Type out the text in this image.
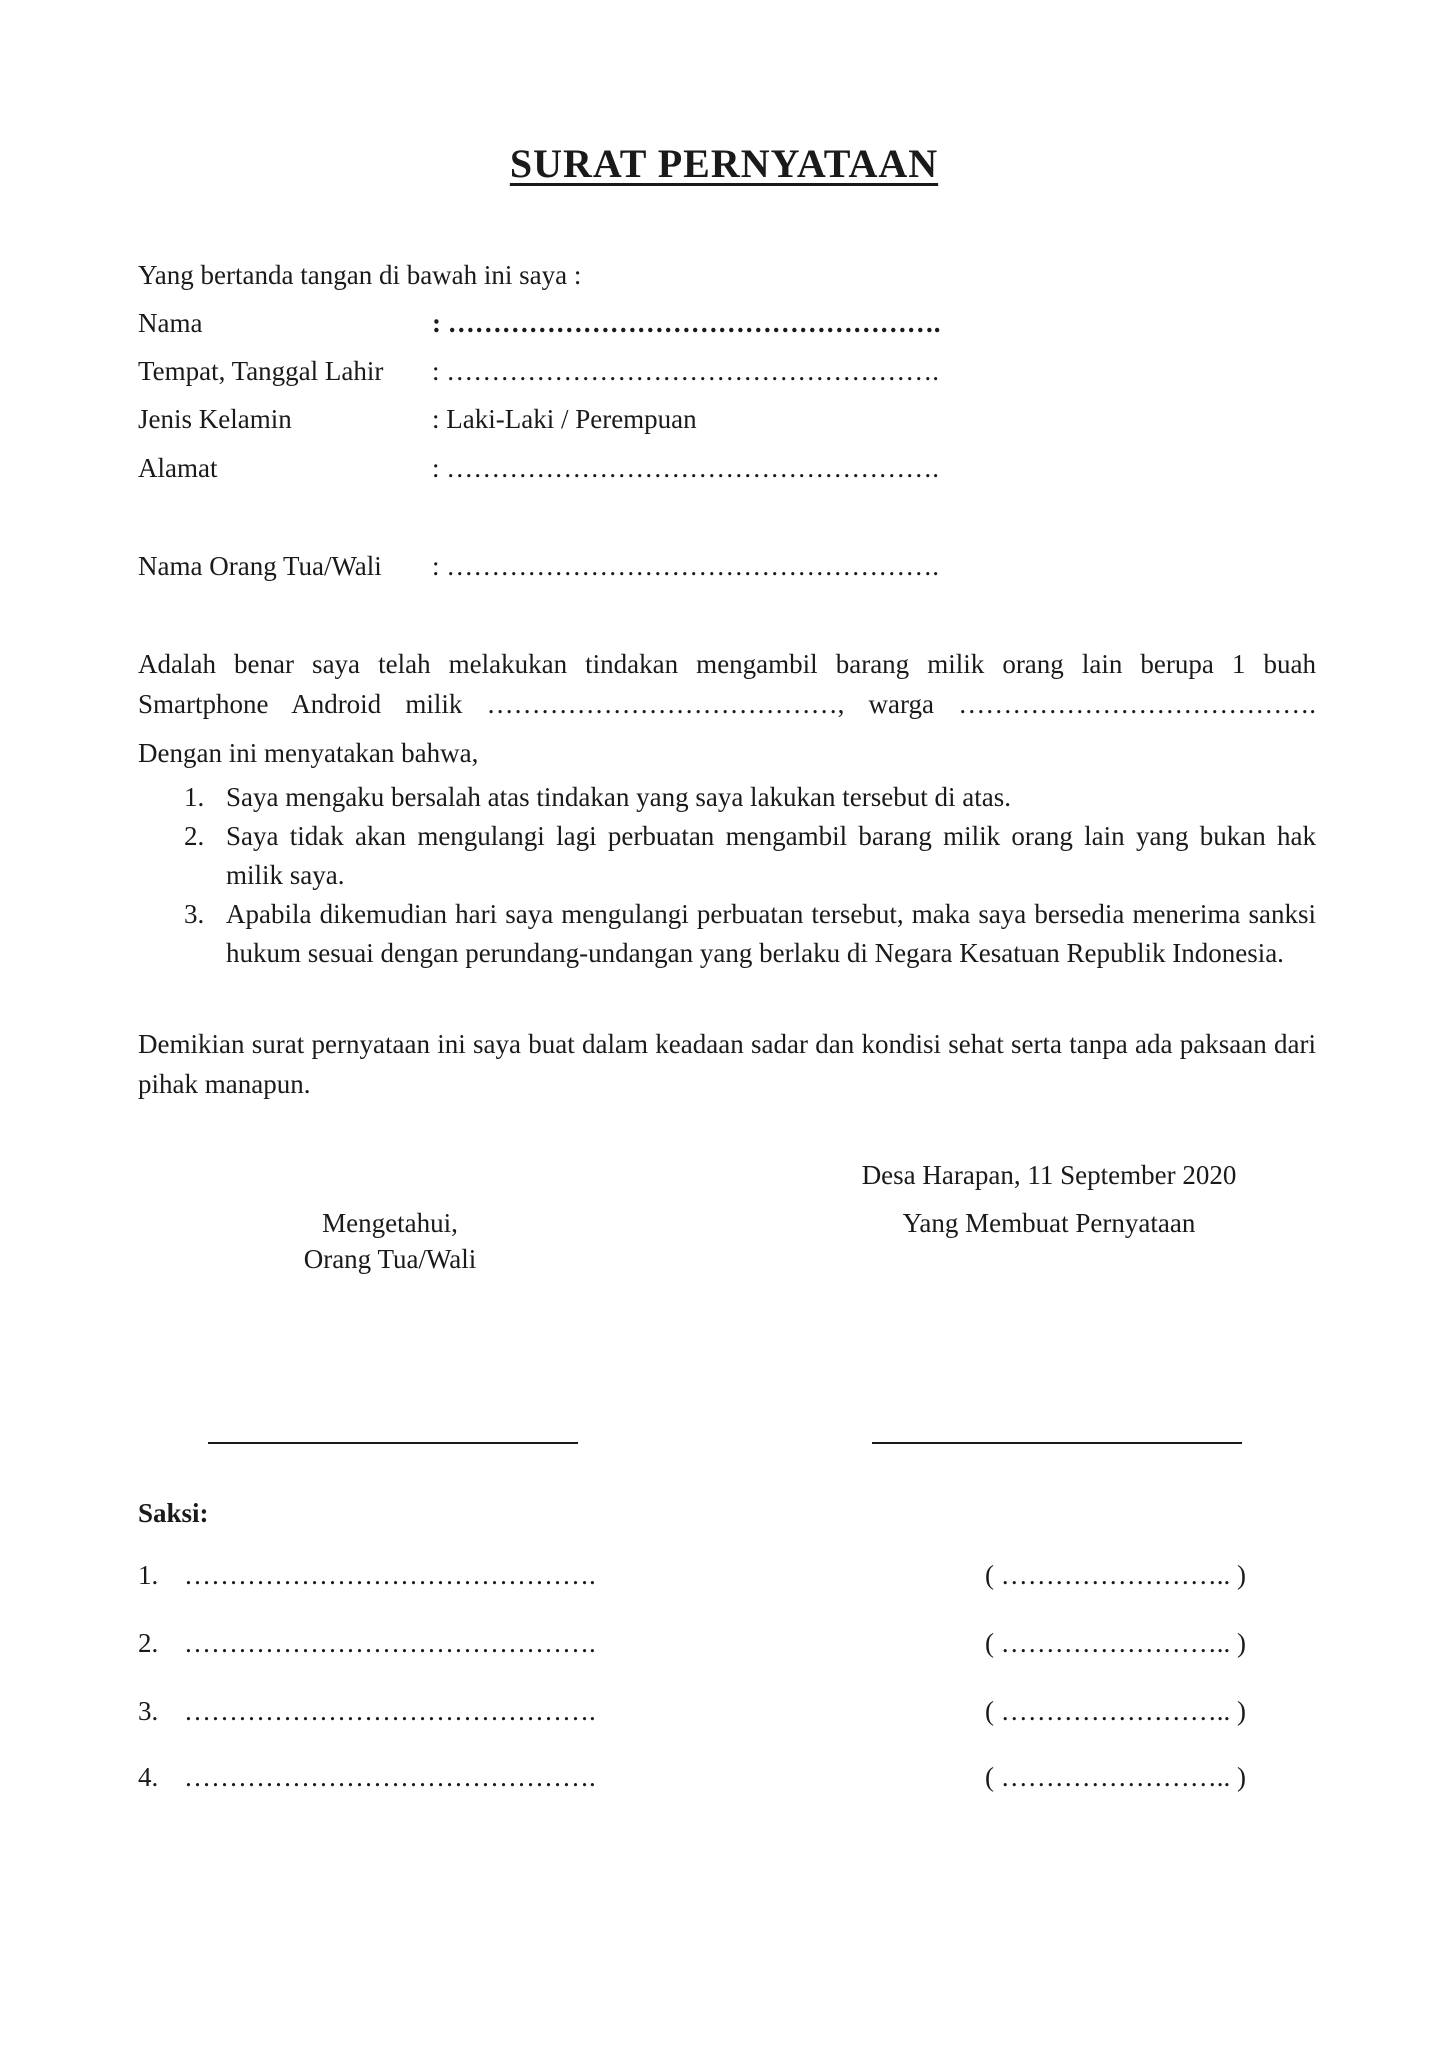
SURAT PERNYATAAN
Yang bertanda tangan di bawah ini saya :
Nama	: ……………………………………………….
Tempat, Tanggal Lahir : ……………………………………………….
Jenis Kelamin	: Laki-Laki / Perempuan
Alamat	: ……………………………………………….
Nama Orang Tua/Wali : ……………………………………………….
Adalah benar saya telah melakukan tindakan mengambil barang milik orang lain berupa 1 buah
Smartphone Android milik …………………………………, warga ………………………………….
Dengan ini menyatakan bahwa,
1. Saya mengaku bersalah atas tindakan yang saya lakukan tersebut di atas.
2. Saya tidak akan mengulangi lagi perbuatan mengambil barang milik orang lain yang bukan hak milik saya.
3. Apabila dikemudian hari saya mengulangi perbuatan tersebut, maka saya bersedia menerima sanksi hukum sesuai dengan perundang-undangan yang berlaku di Negara Kesatuan Republik Indonesia.
Demikian surat pernyataan ini saya buat dalam keadaan sadar dan kondisi sehat serta tanpa ada paksaan dari pihak manapun.
Desa Harapan, 11 September 2020
Mengetahui,
Orang Tua/Wali
Yang Membuat Pernyataan
Saksi:
1. ……………………………………….	( …………………….. )
2. ……………………………………….	( …………………….. )
3. ……………………………………….	( …………………….. )
4. ……………………………………….	( …………………….. )
